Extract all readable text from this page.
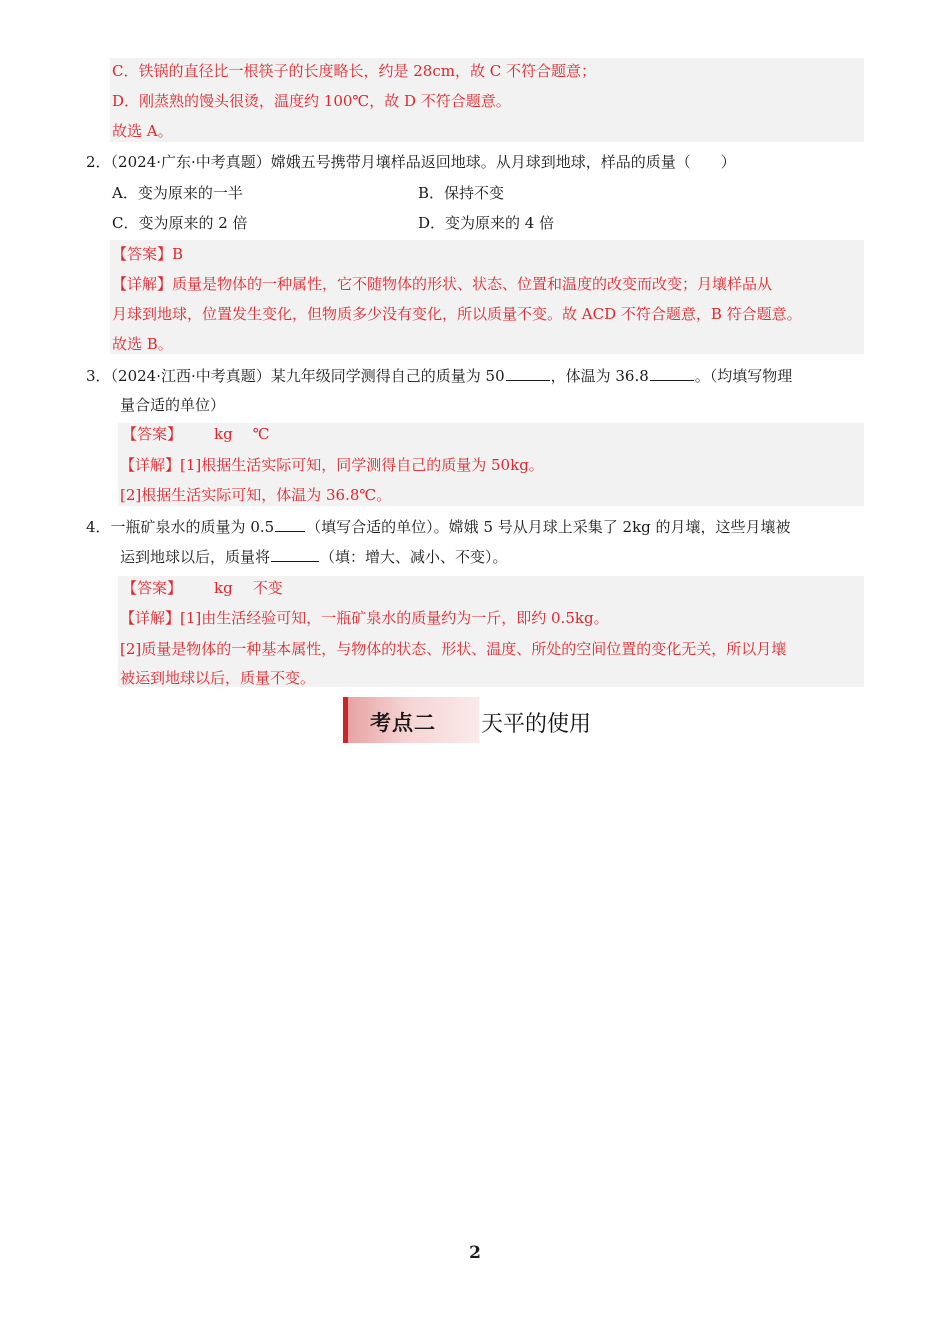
C．铁锅的直径比一根筷子的长度略长，约是 28cm，故 C 不符合题意；
D．刚蒸熟的馒头很烫，温度约 100℃，故 D 不符合题意。
故选 A。
2．（2024·广东·中考真题）嫦娥五号携带月壤样品返回地球。从月球到地球，样品的质量（　　）
A．变为原来的一半	B．保持不变
C．变为原来的 2 倍	D．变为原来的 4 倍
【答案】B
【详解】质量是物体的一种属性，它不随物体的形状、状态、位置和温度的改变而改变；月壤样品从
月球到地球，位置发生变化，但物质多少没有变化，所以质量不变。故 ACD 不符合题意，B 符合题意。
故选 B。
3．（2024·江西·中考真题）某九年级同学测得自己的质量为 50	，体温为 36.8	。（均填写物理
量合适的单位）
【答案】 kg ℃
【详解】[1]根据生活实际可知，同学测得自己的质量为 50kg。
[2]根据生活实际可知，体温为 36.8℃。
4．一瓶矿泉水的质量为 0.5 （填写合适的单位）。嫦娥 5 号从月球上采集了 2kg 的月壤，这些月壤被
运到地球以后，质量将	（填：增大、减小、不变）。
【答案】 kg 不变
【详解】[1]由生活经验可知，一瓶矿泉水的质量约为一斤，即约 0.5kg。
[2]质量是物体的一种基本属性，与物体的状态、形状、温度、所处的空间位置的变化无关，所以月壤
被运到地球以后，质量不变。
考点二 天平的使用
2
